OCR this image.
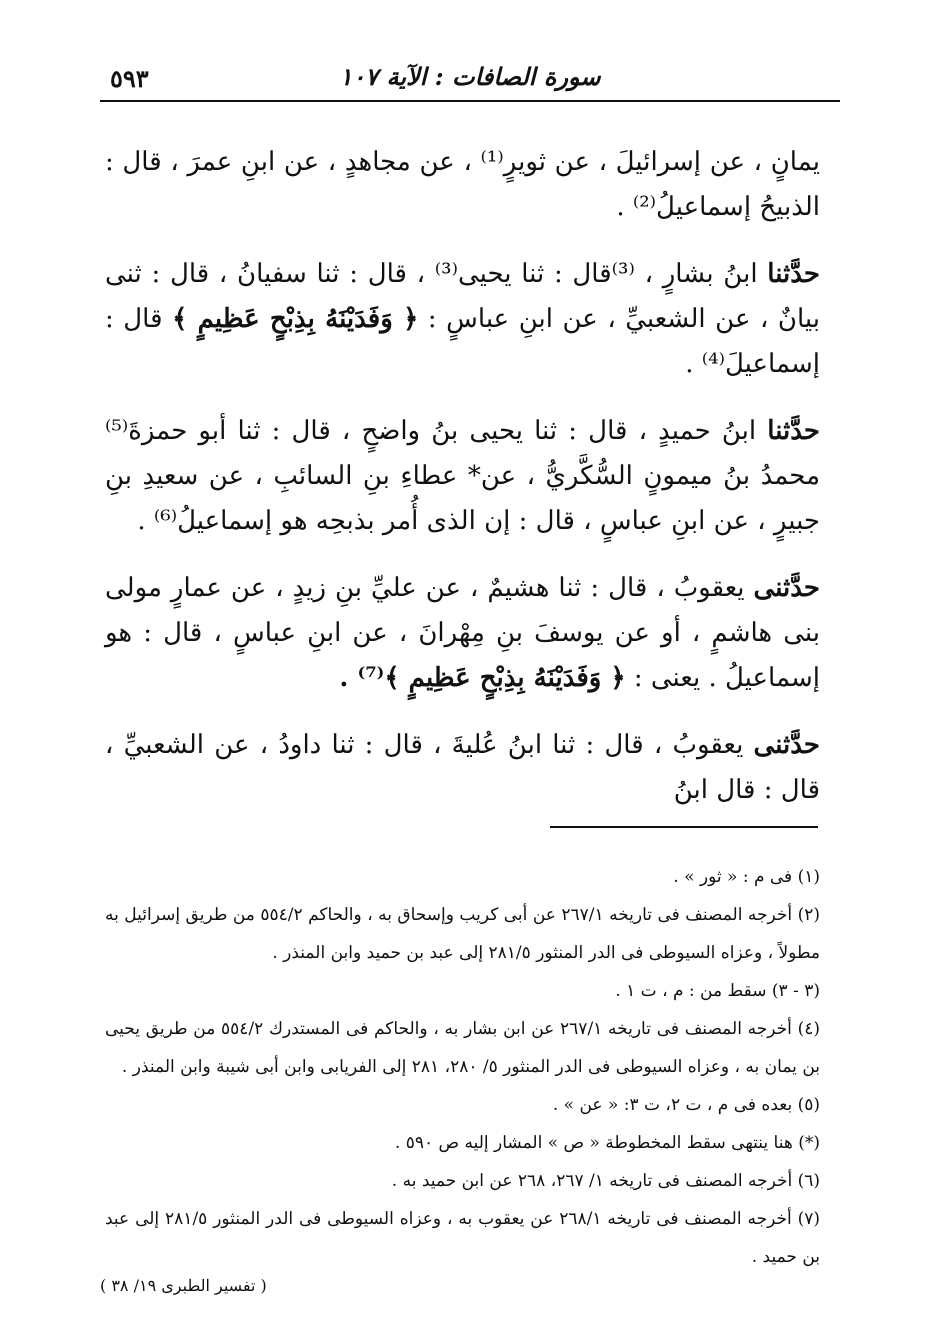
٥٩٣	سورة الصافات : الآية ١٠٧

يمانٍ ، عن إسرائيلَ ، عن ثويرٍ⁽¹⁾ ، عن مجاهدٍ ، عن ابنِ عمرَ ، قال : الذبيحُ إسماعيلُ⁽²⁾ .

حدَّثنا ابنُ بشارٍ ، ⁽³⁾قال : ثنا يحيى⁽³⁾ ، قال : ثنا سفيانُ ، قال : ثنى بيانٌ ، عن الشعبيِّ ، عن ابنِ عباسٍ : ﴿ وَفَدَيْنَهُ بِذِبْحٍ عَظِيمٍ ﴾ قال : إسماعيلَ⁽⁴⁾ .

حدَّثنا ابنُ حميدٍ ، قال : ثنا يحيى بنُ واضحٍ ، قال : ثنا أبو حمزةَ⁽⁵⁾ محمدُ بنُ ميمونٍ السُّكَّريُّ ، عن* عطاءِ بنِ السائبِ ، عن سعيدِ بنِ جبيرٍ ، عن ابنِ عباسٍ ، قال : إن الذى أُمر بذبحِه هو إسماعيلُ⁽⁶⁾ .

حدَّثنى يعقوبُ ، قال : ثنا هشيمٌ ، عن عليِّ بنِ زيدٍ ، عن عمارٍ مولى بنى هاشمٍ ، أو عن يوسفَ بنِ مِهْرانَ ، عن ابنِ عباسٍ ، قال : هو إسماعيلُ . يعنى : ﴿ وَفَدَيْنَهُ بِذِبْحٍ عَظِيمٍ ﴾⁽⁷⁾ .

حدَّثنى يعقوبُ ، قال : ثنا ابنُ عُليةَ ، قال : ثنا داودُ ، عن الشعبيِّ ، قال : قال ابنُ

(١) فى م : « ثور » .

(٢) أخرجه المصنف فى تاريخه ٢٦٧/١ عن أبى كريب وإسحاق به ، والحاكم ٥٥٤/٢ من طريق إسرائيل به مطولاً ، وعزاه السيوطى فى الدر المنثور ٢٨١/٥ إلى عبد بن حميد وابن المنذر .

(٣ - ٣) سقط من : م ، ت ١ .

(٤) أخرجه المصنف فى تاريخه ٢٦٧/١ عن ابن بشار به ، والحاكم فى المستدرك ٥٥٤/٢ من طريق يحيى بن يمان به ، وعزاه السيوطى فى الدر المنثور ٥/ ٢٨٠، ٢٨١ إلى الفريابى وابن أبى شيبة وابن المنذر .

(٥) بعده فى م ، ت ٢، ت ٣: « عن » .

(*) هنا ينتهى سقط المخطوطة « ص » المشار إليه ص ٥٩٠ .

(٦) أخرجه المصنف فى تاريخه ١/ ٢٦٧، ٢٦٨ عن ابن حميد به .

(٧) أخرجه المصنف فى تاريخه ٢٦٨/١ عن يعقوب به ، وعزاه السيوطى فى الدر المنثور ٢٨١/٥ إلى عبد بن حميد .

( تفسير الطبرى ١٩/ ٣٨ )
